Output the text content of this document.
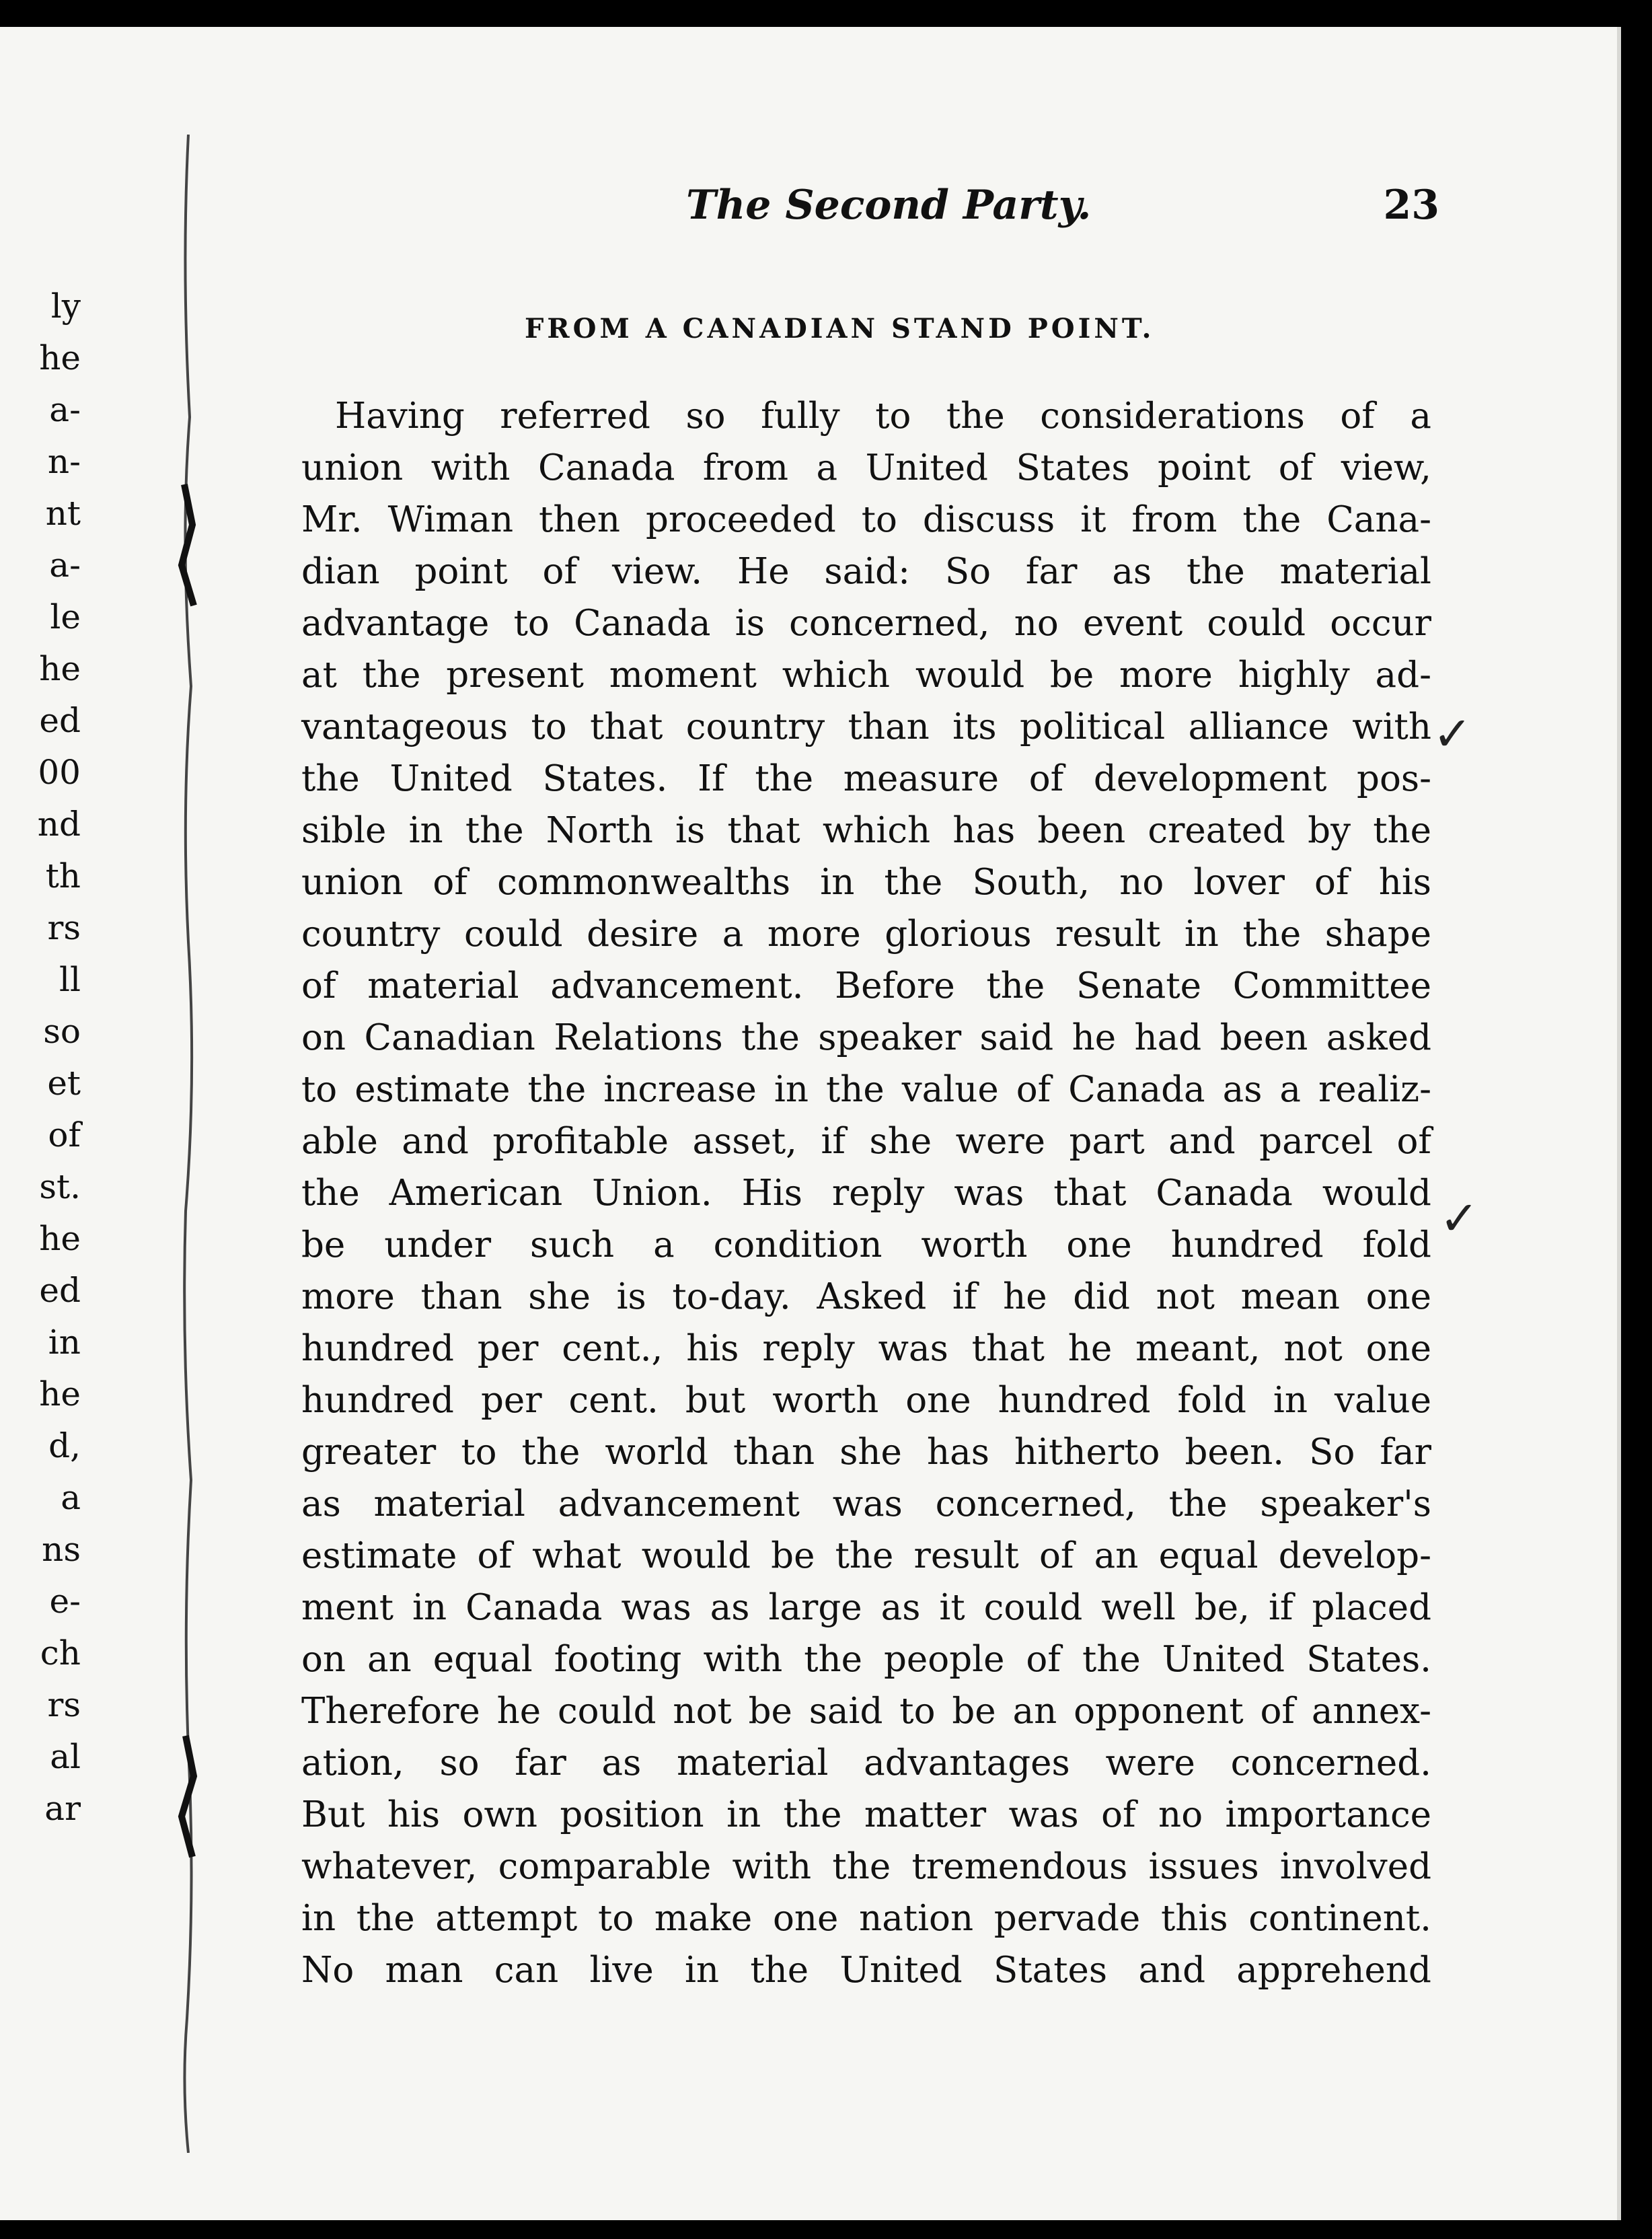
ly
he
a-
n-
nt
a-
le
he
ed
00
nd
th
rs
ll
so
et
of
st.
he
ed
in
he
d,
a
ns
e-
ch
rs
al
ar
The Second Party.	23
FROM A CANADIAN STAND POINT.
Having referred so fully to the considerations of a
union with Canada from a United States point of view,
Mr. Wiman then proceeded to discuss it from the Cana-
dian point of view. He said: So far as the material
advantage to Canada is concerned, no event could occur
at the present moment which would be more highly ad-
vantageous to that country than its political alliance with
the United States. If the measure of development pos-
sible in the North is that which has been created by the
union of commonwealths in the South, no lover of his
country could desire a more glorious result in the shape
of material advancement. Before the Senate Committee
on Canadian Relations the speaker said he had been asked
to estimate the increase in the value of Canada as a realiz-
able and profitable asset, if she were part and parcel of
the American Union. His reply was that Canada would
be under such a condition worth one hundred fold
more than she is to-day. Asked if he did not mean one
hundred per cent., his reply was that he meant, not one
hundred per cent. but worth one hundred fold in value
greater to the world than she has hitherto been. So far
as material advancement was concerned, the speaker's
estimate of what would be the result of an equal develop-
ment in Canada was as large as it could well be, if placed
on an equal footing with the people of the United States.
Therefore he could not be said to be an opponent of annex-
ation, so far as material advantages were concerned.
But his own position in the matter was of no importance
whatever, comparable with the tremendous issues involved
in the attempt to make one nation pervade this continent.
No man can live in the United States and apprehend
✓
✓
